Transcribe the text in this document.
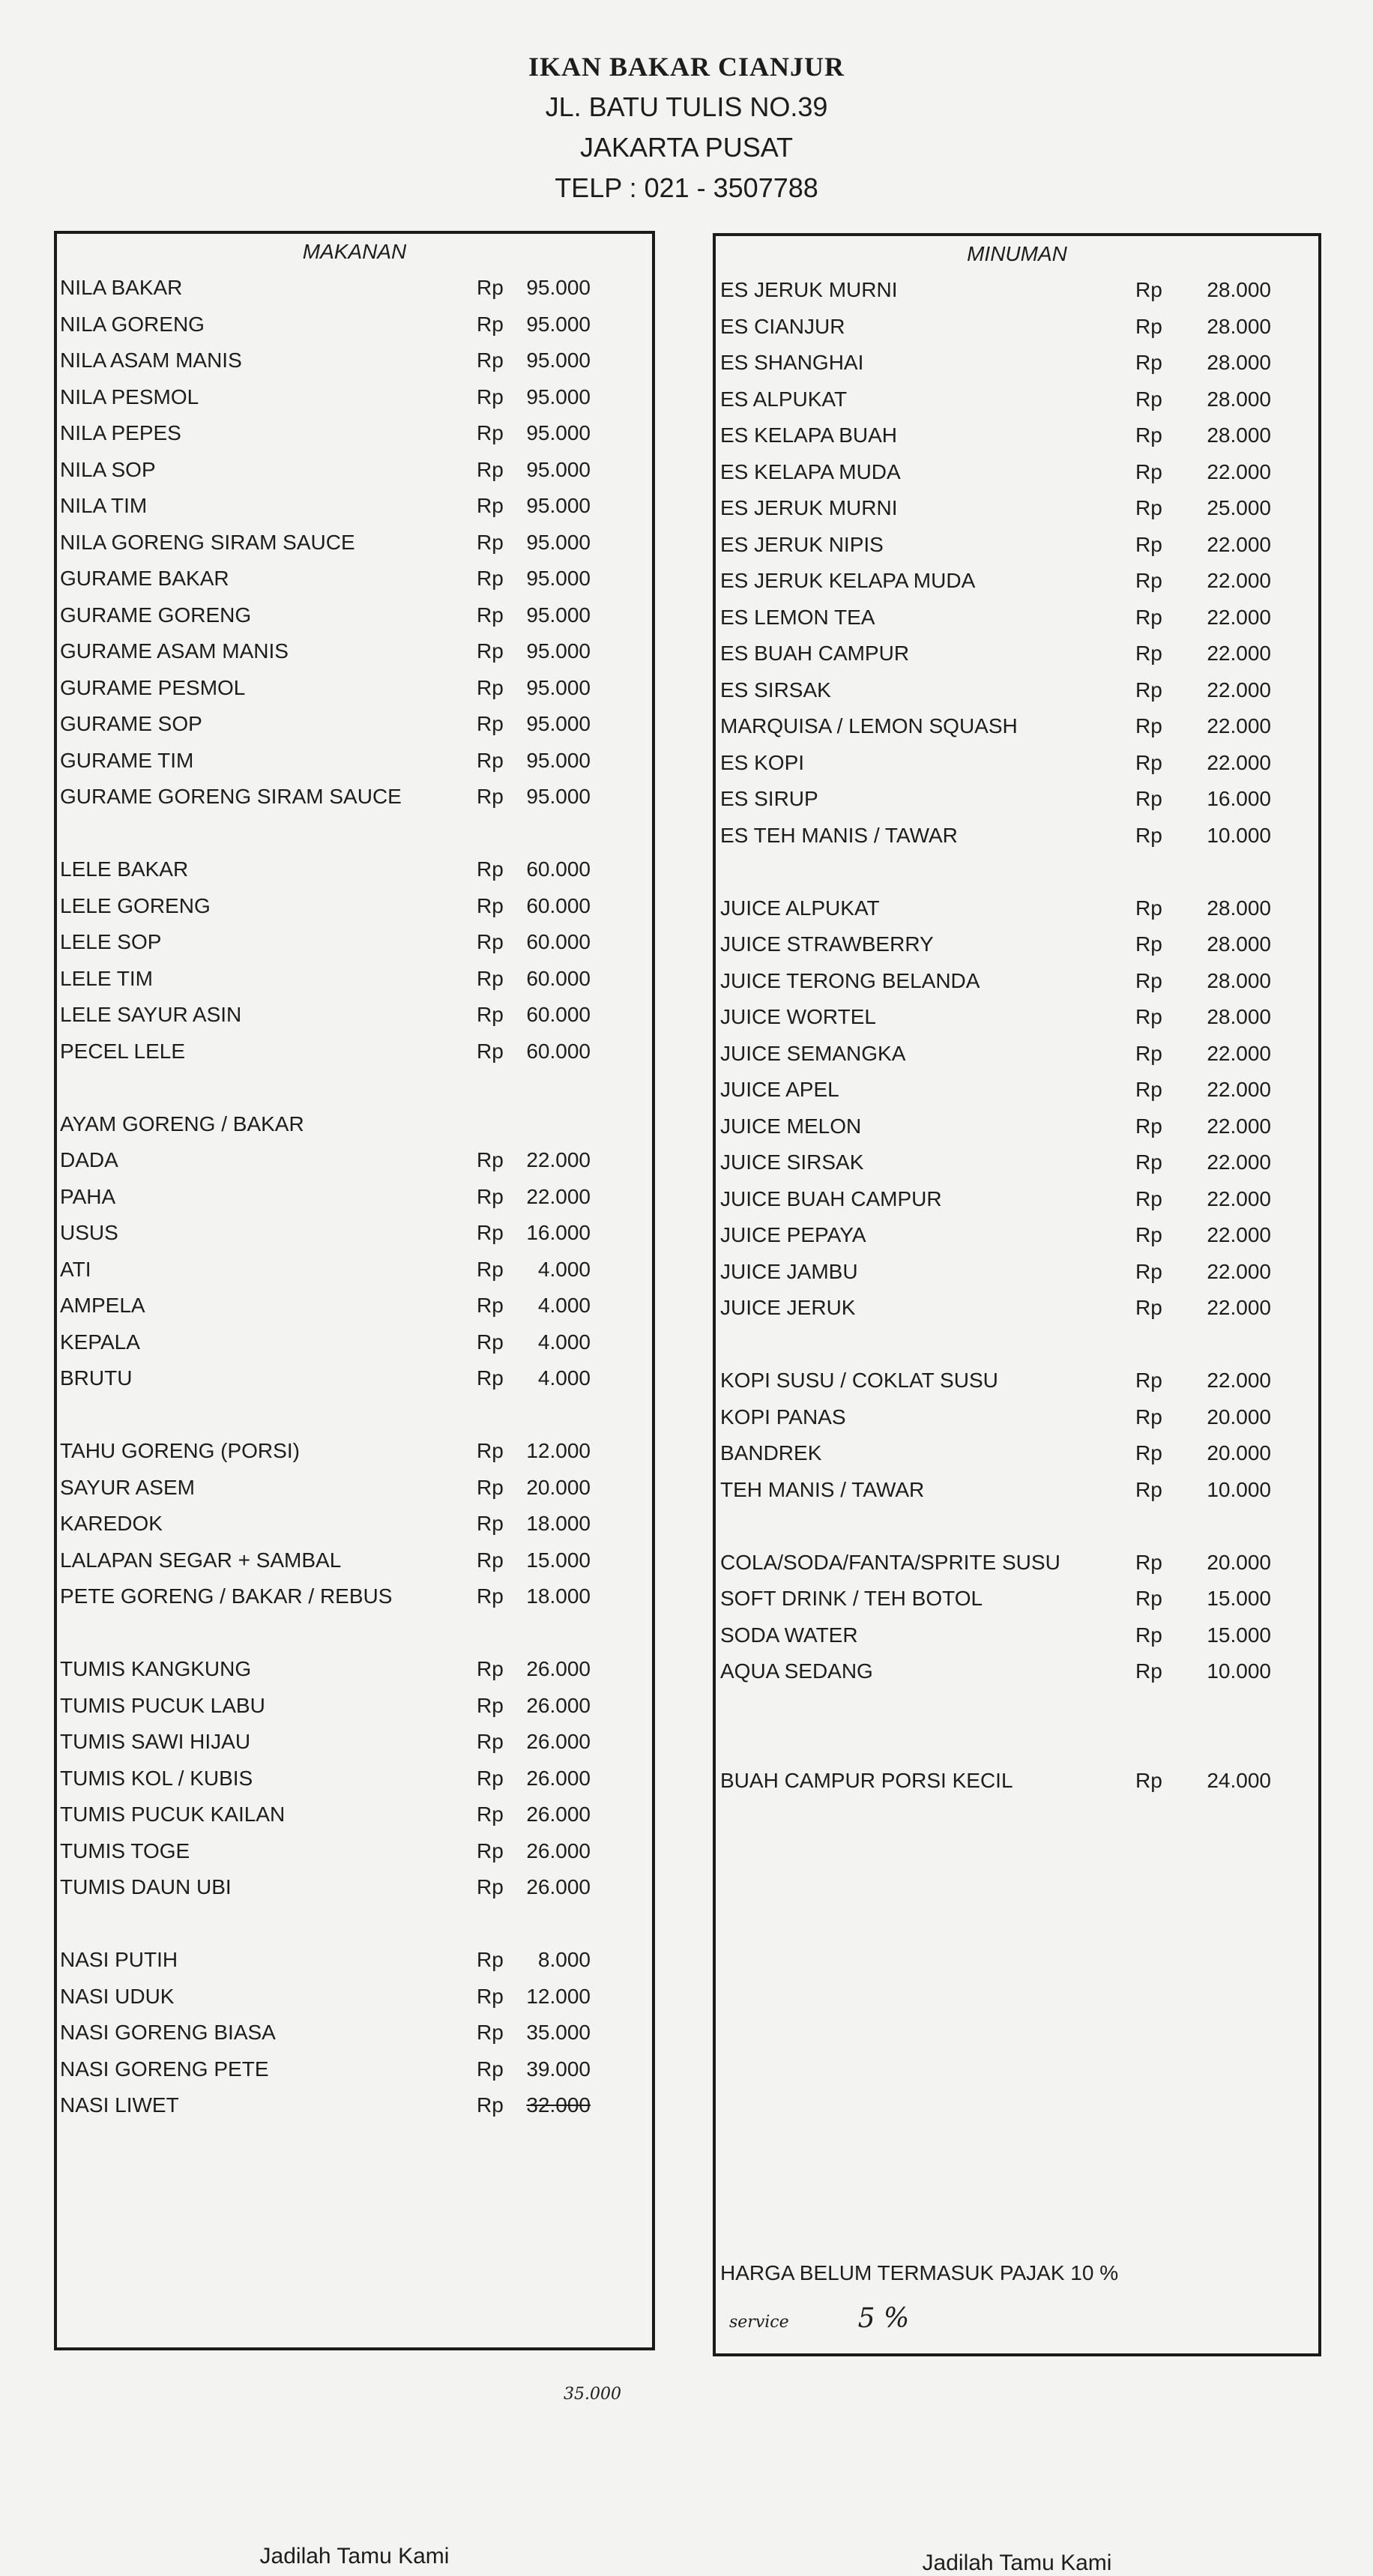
IKAN BAKAR CIANJUR
JL. BATU TULIS NO.39
JAKARTA PUSAT
TELP : 021 - 3507788
MAKANAN
NILA BAKAR	Rp	95.000
NILA GORENG	Rp	95.000
NILA ASAM MANIS	Rp	95.000
NILA PESMOL	Rp	95.000
NILA PEPES	Rp	95.000
NILA SOP	Rp	95.000
NILA TIM	Rp	95.000
NILA GORENG SIRAM SAUCE	Rp	95.000
GURAME BAKAR	Rp	95.000
GURAME GORENG	Rp	95.000
GURAME ASAM MANIS	Rp	95.000
GURAME PESMOL	Rp	95.000
GURAME SOP	Rp	95.000
GURAME TIM	Rp	95.000
GURAME GORENG SIRAM SAUCE	Rp	95.000
LELE BAKAR	Rp	60.000
LELE GORENG	Rp	60.000
LELE SOP	Rp	60.000
LELE TIM	Rp	60.000
LELE SAYUR ASIN	Rp	60.000
PECEL LELE	Rp	60.000
AYAM GORENG / BAKAR
DADA	Rp	22.000
PAHA	Rp	22.000
USUS	Rp	16.000
ATI	Rp	4.000
AMPELA	Rp	4.000
KEPALA	Rp	4.000
BRUTU	Rp	4.000
TAHU GORENG (PORSI)	Rp	12.000
SAYUR ASEM	Rp	20.000
KAREDOK	Rp	18.000
LALAPAN SEGAR + SAMBAL	Rp	15.000
PETE GORENG / BAKAR / REBUS	Rp	18.000
TUMIS KANGKUNG	Rp	26.000
TUMIS PUCUK LABU	Rp	26.000
TUMIS SAWI HIJAU	Rp	26.000
TUMIS KOL / KUBIS	Rp	26.000
TUMIS PUCUK KAILAN	Rp	26.000
TUMIS TOGE	Rp	26.000
TUMIS DAUN UBI	Rp	26.000
NASI PUTIH	Rp	8.000
NASI UDUK	Rp	12.000
NASI GORENG BIASA	Rp	35.000
NASI GORENG PETE	Rp	39.000
NASI LIWET	Rp	32.000
35.000
Jadilah Tamu Kami
MINUMAN
ES JERUK MURNI	Rp	28.000
ES CIANJUR	Rp	28.000
ES SHANGHAI	Rp	28.000
ES ALPUKAT	Rp	28.000
ES KELAPA BUAH	Rp	28.000
ES KELAPA MUDA	Rp	22.000
ES JERUK MURNI	Rp	25.000
ES JERUK NIPIS	Rp	22.000
ES JERUK KELAPA MUDA	Rp	22.000
ES LEMON TEA	Rp	22.000
ES BUAH CAMPUR	Rp	22.000
ES SIRSAK	Rp	22.000
MARQUISA / LEMON SQUASH	Rp	22.000
ES KOPI	Rp	22.000
ES SIRUP	Rp	16.000
ES TEH MANIS / TAWAR	Rp	10.000
JUICE ALPUKAT	Rp	28.000
JUICE STRAWBERRY	Rp	28.000
JUICE TERONG BELANDA	Rp	28.000
JUICE WORTEL	Rp	28.000
JUICE SEMANGKA	Rp	22.000
JUICE APEL	Rp	22.000
JUICE MELON	Rp	22.000
JUICE SIRSAK	Rp	22.000
JUICE BUAH CAMPUR	Rp	22.000
JUICE PEPAYA	Rp	22.000
JUICE JAMBU	Rp	22.000
JUICE JERUK	Rp	22.000
KOPI SUSU / COKLAT SUSU	Rp	22.000
KOPI PANAS	Rp	20.000
BANDREK	Rp	20.000
TEH MANIS / TAWAR	Rp	10.000
COLA/SODA/FANTA/SPRITE SUSU	Rp	20.000
SOFT DRINK / TEH BOTOL	Rp	15.000
SODA WATER	Rp	15.000
AQUA SEDANG	Rp	10.000
BUAH CAMPUR PORSI KECIL	Rp	24.000
HARGA BELUM TERMASUK PAJAK 10 %
service	5 %
Jadilah Tamu Kami
